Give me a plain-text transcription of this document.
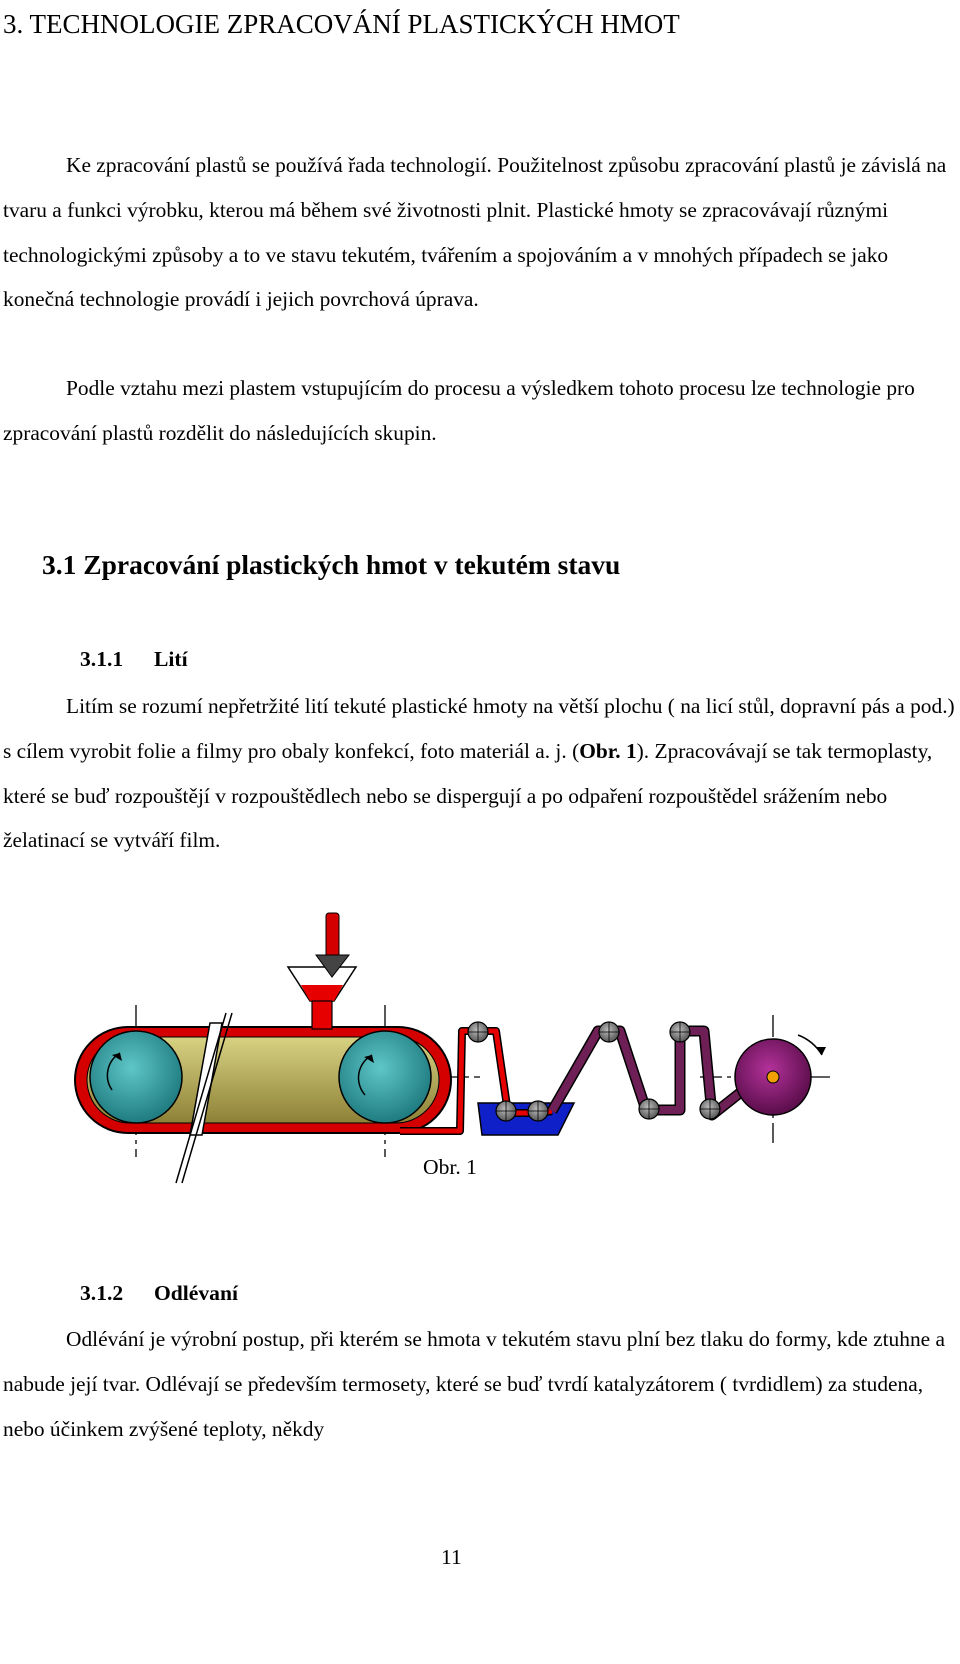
3. TECHNOLOGIE ZPRACOVÁNÍ PLASTICKÝCH HMOT

Ke zpracování plastů se používá řada technologií. Použitelnost způsobu zpracování plastů je závislá na tvaru a funkci výrobku, kterou má během své životnosti plnit. Plastické hmoty se zpracovávají různými technologickými způsoby a to ve stavu tekutém, tvářením a spojováním a v mnohých případech se jako konečná technologie provádí i jejich povrchová úprava.

Podle vztahu mezi plastem vstupujícím do procesu a výsledkem tohoto procesu lze technologie pro zpracování plastů rozdělit do následujících skupin.

3.1 Zpracování plastických hmot v tekutém stavu
3.1.1 Lití

Litím se rozumí nepřetržité lití tekuté plastické hmoty na větší plochu ( na licí stůl, dopravní pás a pod.) s cílem vyrobit folie a filmy pro obaly konfekcí, foto materiál a. j. (Obr. 1). Zpracovávají se tak termoplasty, které se buď rozpouštějí v rozpouštědlech nebo se dispergují a po odpaření rozpouštědel srážením nebo želatinací se vytváří film.

Obr. 1
3.1.2 Odlévaní

Odlévání je výrobní postup, při kterém se hmota v tekutém stavu plní bez tlaku do formy, kde ztuhne a nabude její tvar. Odlévají se především termosety, které se buď tvrdí katalyzátorem ( tvrdidlem) za studena, nebo účinkem zvýšené teploty, někdy

11
